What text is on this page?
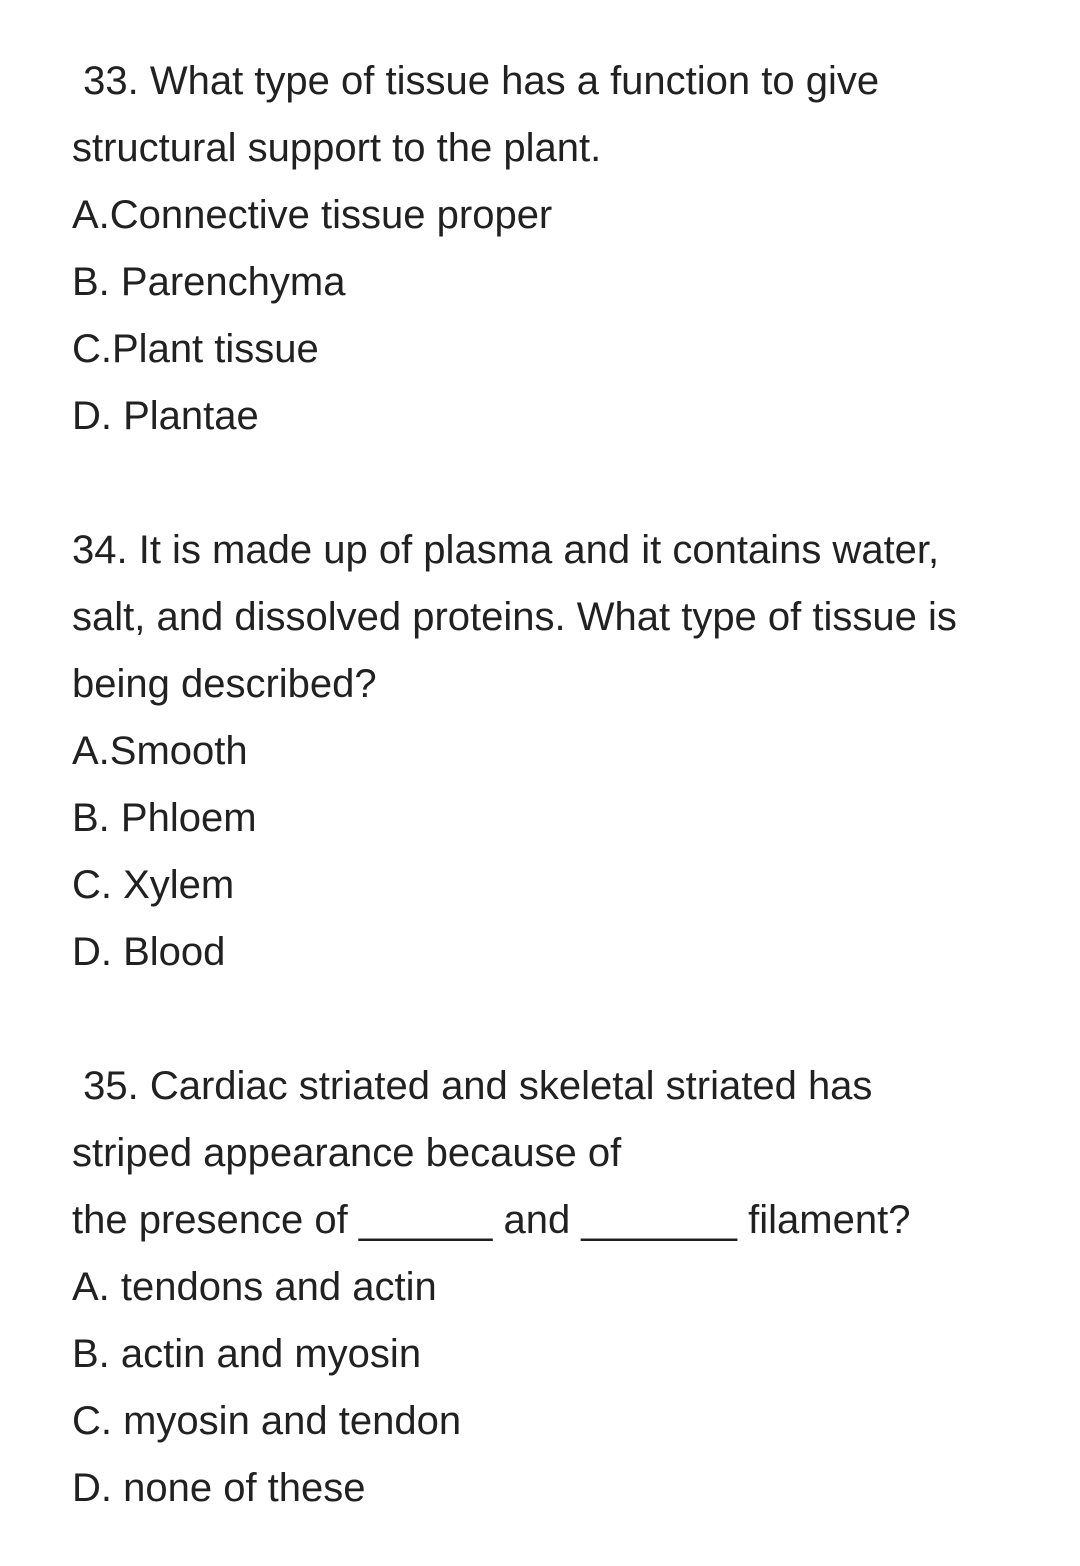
33. What type of tissue has a function to give

structural support to the plant.

A.Connective tissue proper

B. Parenchyma

C.Plant tissue

D. Plantae

34. It is made up of plasma and it contains water,

salt, and dissolved proteins. What type of tissue is

being described?

A.Smooth

B. Phloem

C. Xylem

D. Blood

35. Cardiac striated and skeletal striated has

striped appearance because of

the presence of ______ and _______ filament?

A. tendons and actin

B. actin and myosin

C. myosin and tendon

D. none of these
